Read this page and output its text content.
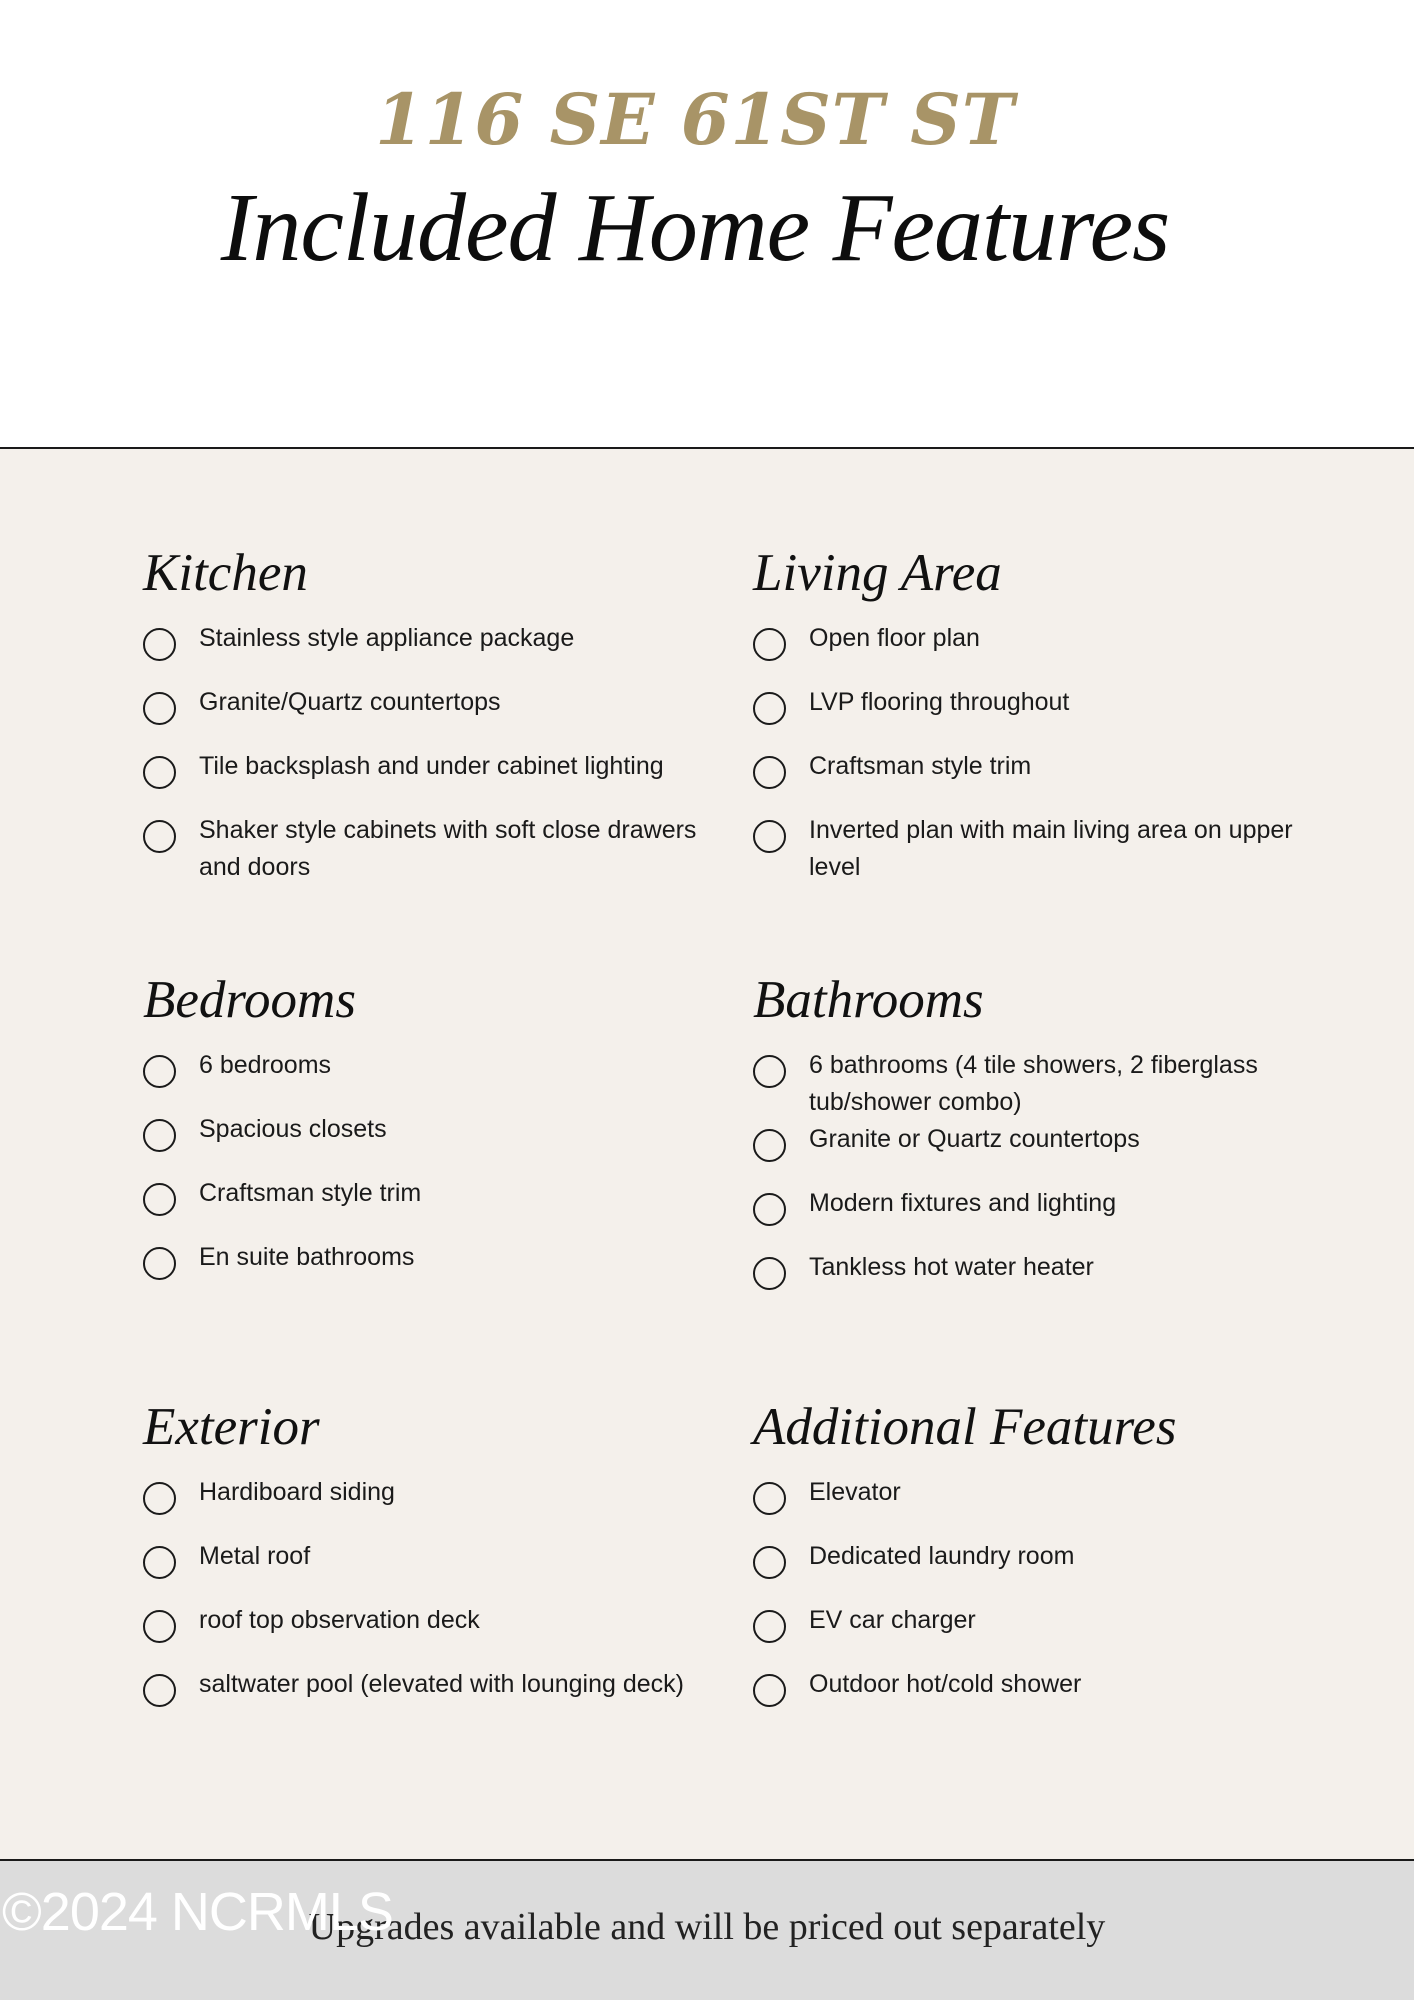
116 SE 61ST ST
Included Home Features
Kitchen
Stainless style appliance package
Granite/Quartz countertops
Tile backsplash and under cabinet lighting
Shaker style cabinets with soft close drawers and doors
Living Area
Open floor plan
LVP flooring throughout
Craftsman style trim
Inverted plan with main living area on upper level
Bedrooms
6 bedrooms
Spacious closets
Craftsman style trim
En suite bathrooms
Bathrooms
6 bathrooms (4 tile showers, 2 fiberglass tub/shower combo)
Granite or Quartz countertops
Modern fixtures and lighting
Tankless hot water heater
Exterior
Hardiboard siding
Metal roof
roof top observation deck
saltwater pool (elevated with lounging deck)
Additional Features
Elevator
Dedicated laundry room
EV car charger
Outdoor hot/cold shower
Upgrades available and will be priced out separately
©2024 NCRMLS
